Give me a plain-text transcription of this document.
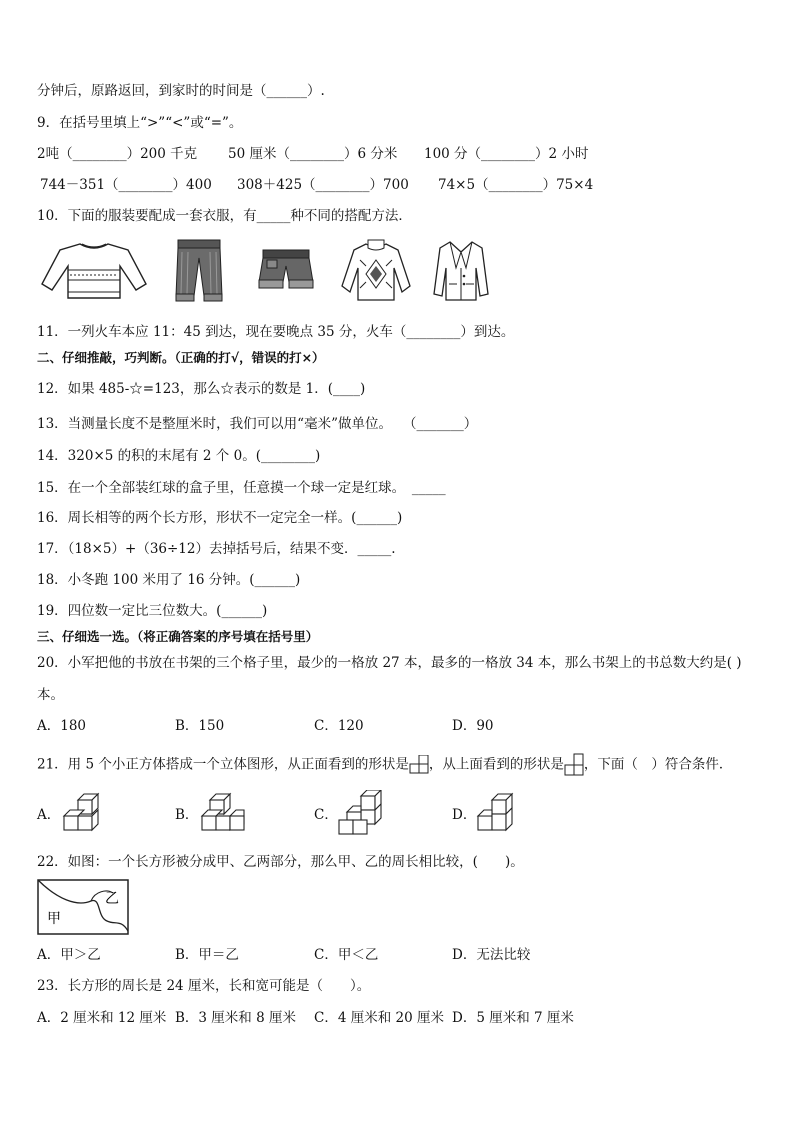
分钟后，原路返回，到家时的时间是（______）.
9．在括号里填上“>”“<”或“=”。
2吨（________）200 千克 50 厘米（________）6 分米 100 分（________）2 小时
744－351（________）400 308＋425（________）700 74×5（________）75×4
10．下面的服装要配成一套衣服，有_____种不同的搭配方法．
11．一列火车本应 11：45 到达，现在要晚点 35 分，火车（________）到达。
二、仔细推敲，巧判断。（正确的打√，错误的打×）
12．如果 485-☆=123，那么☆表示的数是 1．(____)
13．当测量长度不是整厘米时，我们可以用“毫米”做单位。　 （_______）
14．320×5 的积的末尾有 2 个 0。(________)
15．在一个全部装红球的盒子里，任意摸一个球一定是红球。　_____
16．周长相等的两个长方形，形状不一定完全一样。(______)
17．（18×5）+（36÷12）去掉括号后，结果不变．_____.
18．小冬跑 100 米用了 16 分钟。(______)
19．四位数一定比三位数大。(______)
三、仔细选一选。（将正确答案的序号填在括号里）
20．小军把他的书放在书架的三个格子里，最少的一格放 27 本，最多的一格放 34 本，那么书架上的书总数大约是( )
本。
A．180	B．150	C．120	D．90
21．用 5 个小正方体搭成一个立体图形，从正面看到的形状是 ，从上面看到的形状是 ，下面（　）符合条件．
A．	B．	C．	D．
22．如图：一个长方形被分成甲、乙两部分，那么甲、乙的周长相比较，(　　)。
甲
乙
A．甲＞乙	B．甲＝乙	C．甲＜乙	D．无法比较
23．长方形的周长是 24 厘米，长和宽可能是（　　）。
A．2 厘米和 12 厘米 B．3 厘米和 8 厘米 C．4 厘米和 20 厘米 D．5 厘米和 7 厘米
